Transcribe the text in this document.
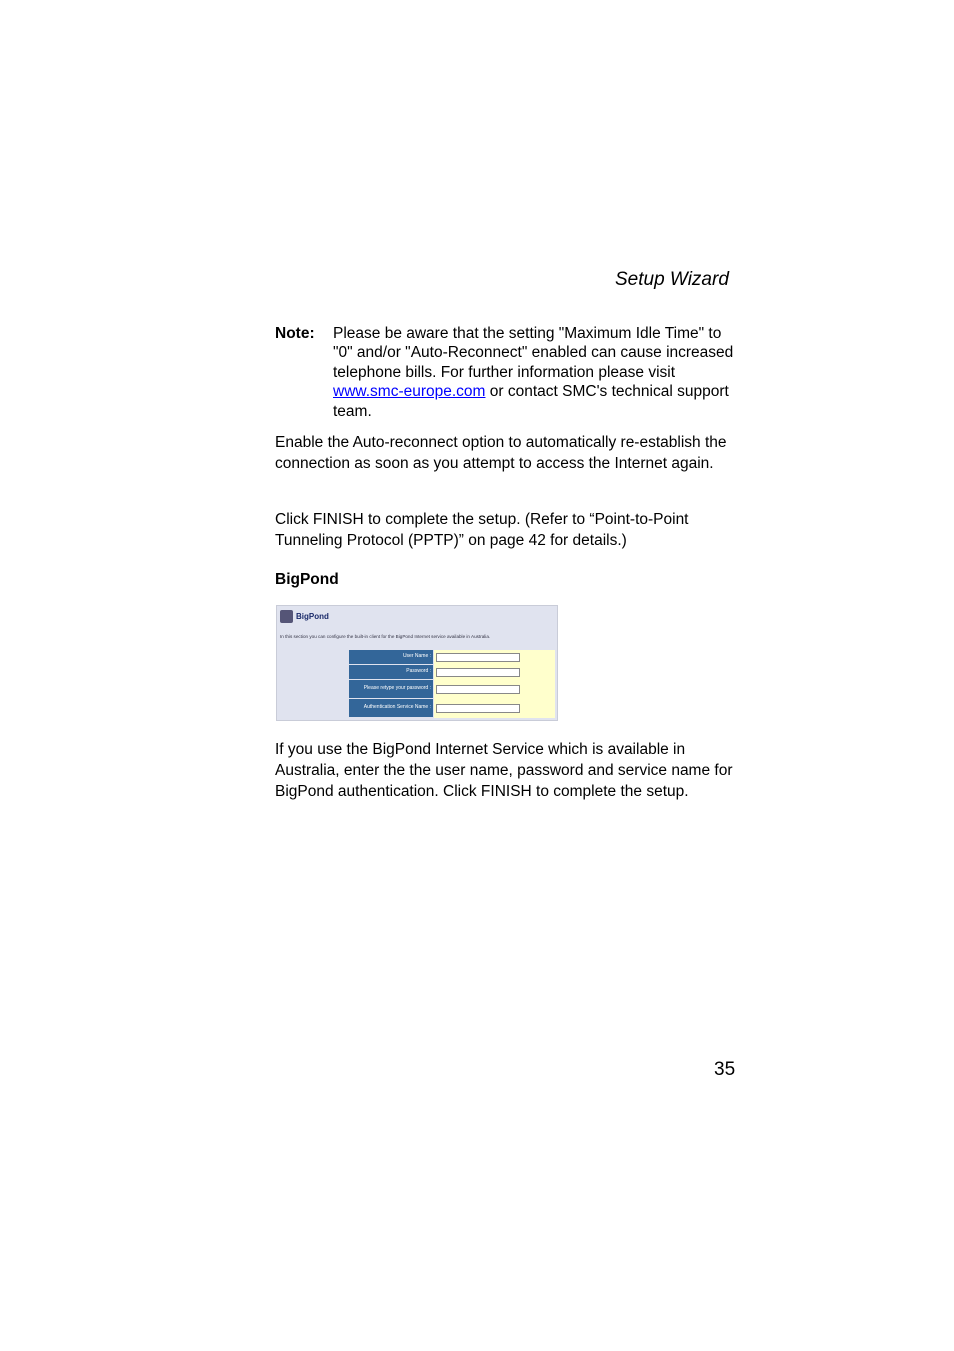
Setup Wizard
Note: Please be aware that the setting "Maximum Idle Time" to "0" and/or "Auto-Reconnect" enabled can cause increased telephone bills. For further information please visit www.smc-europe.com or contact SMC's technical support team.
Enable the Auto-reconnect option to automatically re-establish the connection as soon as you attempt to access the Internet again.
Click FINISH to complete the setup. (Refer to “Point-to-Point Tunneling Protocol (PPTP)” on page 42 for details.)
BigPond
BigPond
In this section you can configure the built-in client for the BigPond Internet service available in Australia.
User Name :	

Password :	

Please retype your password :	

Authentication Service Name :	
If you use the BigPond Internet Service which is available in Australia, enter the the user name, password and service name for BigPond authentication. Click FINISH to complete the setup.
35
